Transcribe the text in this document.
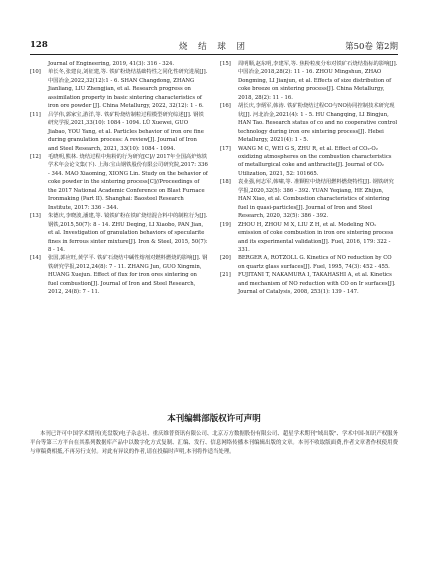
128	烧 结 球 团	第50卷 第2期

Journal of Engineering, 2019, 41(3): 316 - 324.

[10] 单长冬,张建良,刘征建,等. 铁矿粉烧结基础特性之同化性研究进展[J]. 中国冶金,2022,32(12):1 - 6. SHAN Changdong, ZHANG Jianliang, LIU Zhengjian, et al. Research progress on assimilation property in basic sintering characteristics of iron ore powder [J]. China Metallurgy, 2022, 32(12): 1 - 6.

[11] 吕学伟,郭家宝,游洋,等. 铁矿粉烧结制粒过程模型研究综述[J]. 钢铁研究学报,2021,33(10): 1084 - 1094. LÜ Xuewei, GUO Jiabao, YOU Yang, et al. Particles behavior of iron ore fine during granulation process: A review[J]. Journal of Iron and Steel Research, 2021, 33(10): 1084 - 1094.

[12] 毛晓明,熊林. 烧结过程中焦粉的行为研究[C]// 2017年全国高炉炼铁学术年会论文集(下). 上海:宝山钢铁股份有限公司研究院,2017: 336 - 344. MAO Xiaoming, XIONG Lin. Study on the behavior of coke powder in the sintering process[C]//Proceedings of the 2017 National Academic Conference on Blast Furnace Ironmaking (Part II). Shanghai: Baosteel Research Institute, 2017: 336 - 344.

[13] 朱德庆,李晓波,潘建,等. 镜铁矿粉在铁矿烧结混合料中的制粒行为[J]. 钢铁,2015,50(7): 8 - 14. ZHU Deqing, LI Xiaobo, PAN Jian, et al. Investigation of granulation behaviors of specularite fines in ferrous sinter mixture[J]. Iron & Steel, 2015, 50(7): 8 - 14.

[14] 张国,郭应旺,黄学平. 铁矿石烧结中碱性熔剂对燃料燃烧的影响[J]. 钢铁研究学报,2012,24(8): 7 - 11. ZHANG Jun, GUO Xingmin, HUANG Xuejun. Effect of flux for iron ores sintering on fuel combustion[J]. Journal of Iron and Steel Research, 2012, 24(8): 7 - 11.

[15] 周明顺,赵东明,李建军,等. 焦粉粒度分布对铁矿石烧结指标的影响[J]. 中国冶金,2018,28(2): 11 - 16. ZHOU Mingshun, ZHAO Dongming, LI Jianjun, et al. Effects of size distribution of coke breeze on sintering process[J]. China Metallurgy, 2018, 28(2): 11 - 16.

[16] 胡长庆,李炳军,韩涛. 铁矿粉烧结过程CO与NO协同控制技术研究现状[J]. 河北冶金,2021(4): 1 - 5. HU Changqing, LI Bingjun, HAN Tao. Research status of co and no cooperative control technology during iron ore sintering process[J]. Hebei Metallurgy, 2021(4): 1 - 5.

[17] WANG M C, WEI G S, ZHU R, et al. Effect of CO₂-O₂ oxidizing atmospheres on the combustion characteristics of metallurgical coke and anthracite[J]. Journal of CO₂ Utilization, 2021, 52: 101665.

[18] 袁业强,何志军,韩啸,等. 准颗粒中烧结用燃料燃烧特性[J]. 钢铁研究学报,2020,32(5): 386 - 392. YUAN Yeqiang, HE Zhijun, HAN Xiao, et al. Combustion characteristics of sintering fuel in quasi-particles[J]. Journal of Iron and Steel Research, 2020, 32(5): 386 - 392.

[19] ZHOU H, ZHOU M X, LIU Z H, et al. Modeling NOₓ emission of coke combustion in iron ore sintering process and its experimental validation[J]. Fuel, 2016, 179: 322 - 331.

[20] BERGER A, ROTZOLL G. Kinetics of NO reduction by CO on quartz glass surfaces[J]. Fuel, 1995, 74(3): 452 - 455.

[21] FUJITANI T, NAKAMURA I, TAKAHASHI A, et al. Kinetics and mechanism of NO reduction with CO on Ir surfaces[J]. Journal of Catalysis, 2008, 253(1): 139 - 147.

本刊编辑部版权许可声明

本刊已许可中国学术期刊(光盘版)电子杂志社、重庆维普资讯有限公司、北京万方数据股份有限公司、超星学术期刊"域出版"、学术中国-知识产权服务平台等第三方平台在其系列数据库产品中以数字化方式复制、汇编、发行、信息网络传播本刊编辑出版的文章。本刊不收取版面费,作者文章著作权使用费与审稿费相抵,不再另行支付。对此有异议的作者,请在投稿时声明,本刊将作适当处理。
